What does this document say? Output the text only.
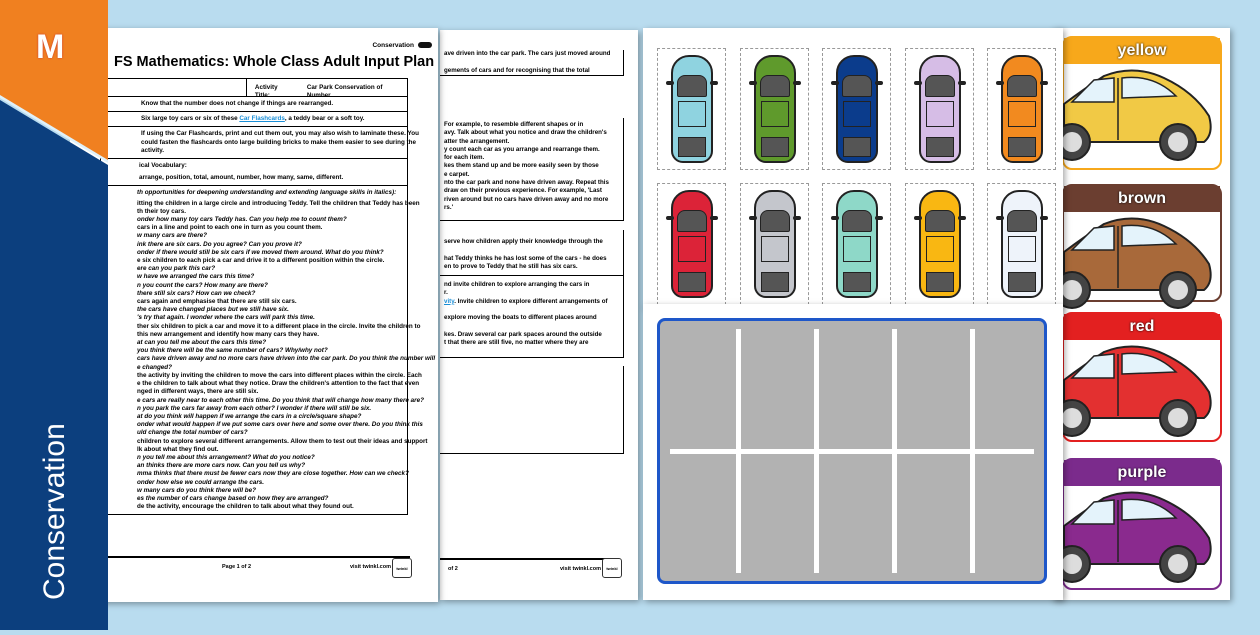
M
Conservation
ave driven into the car park. The cars just moved around

gements of cars and for recognising that the total
For example, to resemble different shapes or in
avy. Talk about what you notice and draw the children's
atter the arrangement.
y count each car as you arrange and rearrange them.
for each item.
kes them stand up and be more easily seen by those
e carpet.
nto the car park and none have driven away. Repeat this
draw on their previous experience. For example, 'Last
riven around but no cars have driven away and no more
rs.'
serve how children apply their knowledge through the

hat Teddy thinks he has lost some of the cars - he does
en to prove to Teddy that he still has six cars.
nd invite children to explore arranging the cars in
r.
vity. Invite children to explore different arrangements of

explore moving the boats to different places around

kes. Draw several car park spaces around the outside
t that there are still five, no matter where they are
of 2	visit twinkl.com	twinkl
Conservation
FS Mathematics: Whole Class Adult Input Plan
Activity Title:
Car Park Conservation of Number
Know that the number does not change if things are rearranged.
Six large toy cars or six of these Car Flashcards, a teddy bear or a soft toy.
If using the Car Flashcards, print and cut them out, you may also wish to laminate these. You
could fasten the flashcards onto large building bricks to make them easier to see during the
activity.
ical Vocabulary:
arrange, position, total, amount, number, how many, same, different.
th opportunities for deepening understanding and extending language skills in italics):
itting the children in a large circle and introducing Teddy. Tell the children that Teddy has been
th their toy cars.
onder how many toy cars Teddy has. Can you help me to count them?
cars in a line and point to each one in turn as you count them.
w many cars are there?
ink there are six cars. Do you agree? Can you prove it?
onder if there would still be six cars if we moved them around. What do you think?
e six children to each pick a car and drive it to a different position within the circle.
ere can you park this car?
w have we arranged the cars this time?
n you count the cars? How many are there?
there still six cars? How can we check?
cars again and emphasise that there are still six cars.
the cars have changed places but we still have six.
's try that again. I wonder where the cars will park this time.
ther six children to pick a car and move it to a different place in the circle. Invite the children to
this new arrangement and identify how many cars they have.
at can you tell me about the cars this time?
you think there will be the same number of cars? Why/why not?
cars have driven away and no more cars have driven into the car park. Do you think the number will
e changed?
the activity by inviting the children to move the cars into different places within the circle. Each
e the children to talk about what they notice. Draw the children's attention to the fact that even
nged in different ways, there are still six.
e cars are really near to each other this time. Do you think that will change how many there are?
n you park the cars far away from each other? I wonder if there will still be six.
at do you think will happen if we arrange the cars in a circle/square shape?
onder what would happen if we put some cars over here and some over there. Do you think this
uld change the total number of cars?
children to explore several different arrangements. Allow them to test out their ideas and support
lk about what they find out.
n you tell me about this arrangement? What do you notice?
an thinks there are more cars now. Can you tell us why?
mma thinks that there must be fewer cars now they are close together. How can we check?
onder how else we could arrange the cars.
w many cars do you think there will be?
es the number of cars change based on how they are arranged?
de the activity, encourage the children to talk about what they found out.
Page 1 of 2	visit twinkl.com	twinkl
yellow
brown
red
purple
